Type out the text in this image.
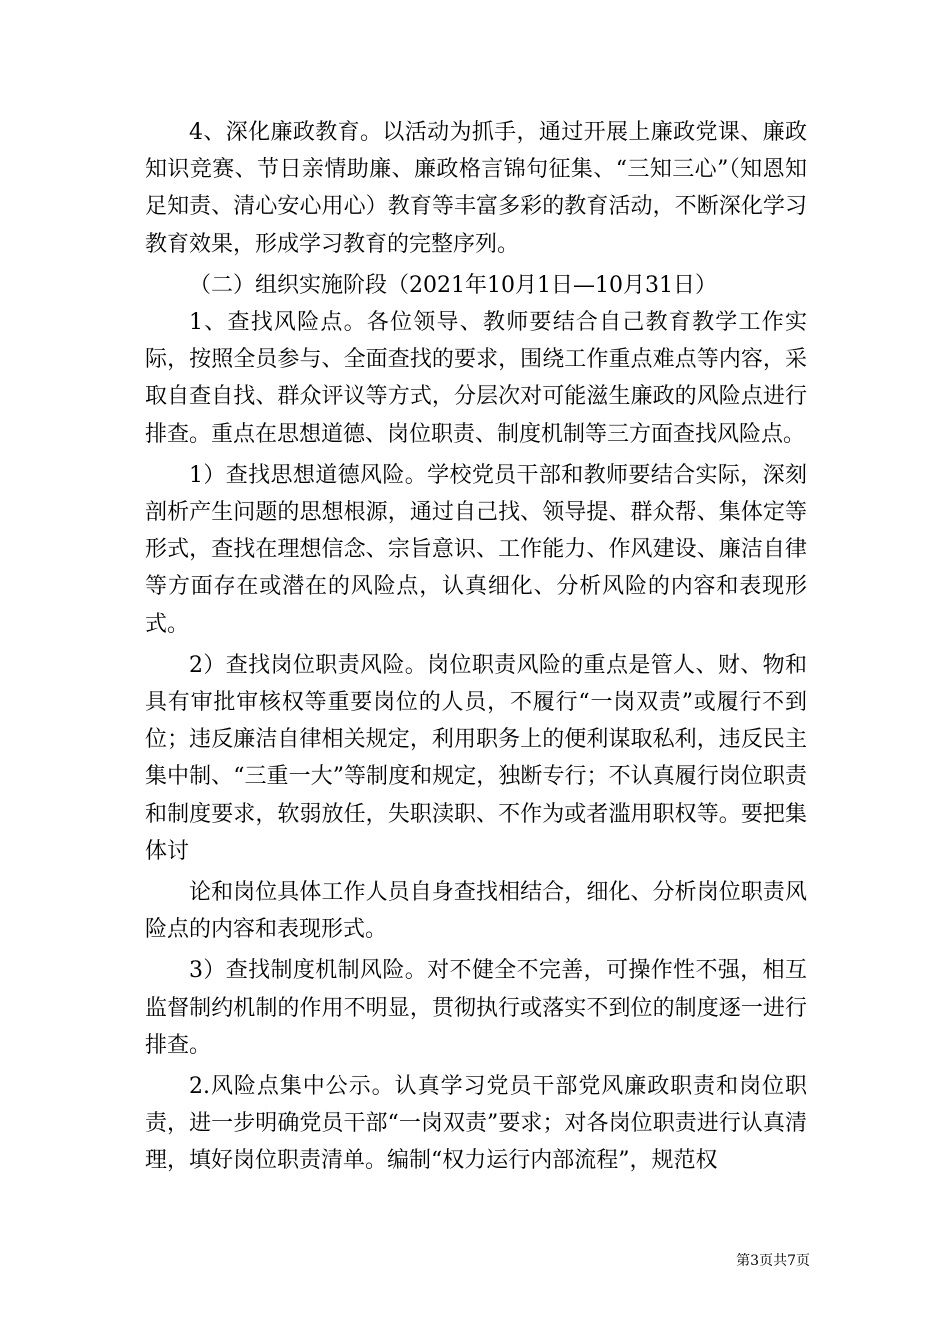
4、深化廉政教育。以活动为抓手，通过开展上廉政党课、廉政知识竞赛、节日亲情助廉、廉政格言锦句征集、“三知三心”（知恩知足知责、清心安心用心）教育等丰富多彩的教育活动，不断深化学习教育效果，形成学习教育的完整序列。

（二）组织实施阶段（2021年10月1日—10月31日）

1、查找风险点。各位领导、教师要结合自己教育教学工作实际，按照全员参与、全面查找的要求，围绕工作重点难点等内容，采取自查自找、群众评议等方式，分层次对可能滋生廉政的风险点进行排查。重点在思想道德、岗位职责、制度机制等三方面查找风险点。

1）查找思想道德风险。学校党员干部和教师要结合实际，深刻剖析产生问题的思想根源，通过自己找、领导提、群众帮、集体定等形式，查找在理想信念、宗旨意识、工作能力、作风建设、廉洁自律等方面存在或潜在的风险点，认真细化、分析风险的内容和表现形式。

2）查找岗位职责风险。岗位职责风险的重点是管人、财、物和具有审批审核权等重要岗位的人员，不履行“一岗双责”或履行不到位；违反廉洁自律相关规定，利用职务上的便利谋取私利，违反民主集中制、“三重一大”等制度和规定，独断专行；不认真履行岗位职责和制度要求，软弱放任，失职渎职、不作为或者滥用职权等。要把集体讨

论和岗位具体工作人员自身查找相结合，细化、分析岗位职责风险点的内容和表现形式。

3）查找制度机制风险。对不健全不完善，可操作性不强，相互监督制约机制的作用不明显，贯彻执行或落实不到位的制度逐一进行排查。

2.风险点集中公示。认真学习党员干部党风廉政职责和岗位职责，进一步明确党员干部“一岗双责”要求；对各岗位职责进行认真清理，填好岗位职责清单。编制“权力运行内部流程”，规范权

第3页共7页
